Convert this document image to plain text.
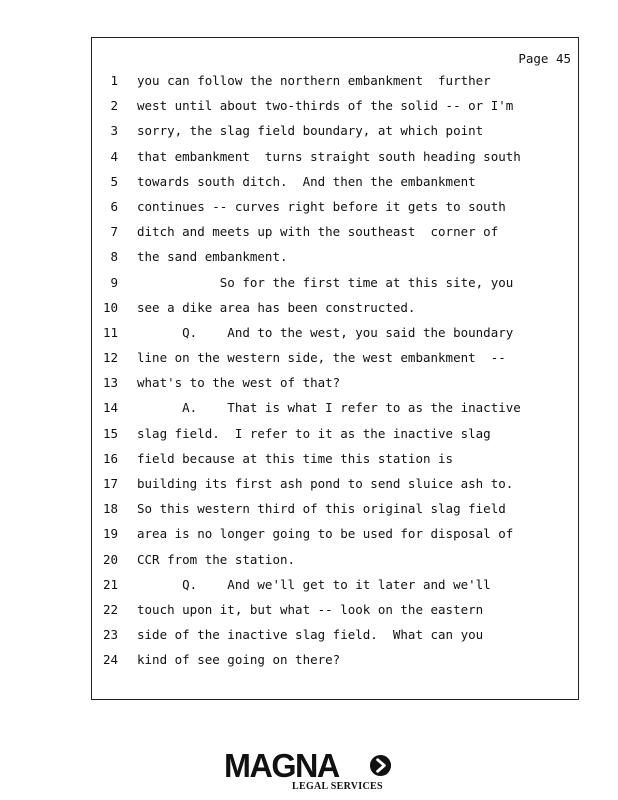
Page 45
1 you can follow the northern embankment  further
2 west until about two-thirds of the solid -- or I'm
3 sorry, the slag field boundary, at which point
4 that embankment  turns straight south heading south
5 towards south ditch.  And then the embankment
6 continues -- curves right before it gets to south
7 ditch and meets up with the southeast  corner of
8 the sand embankment.
9 So for the first time at this site, you
10 see a dike area has been constructed.
11 Q.    And to the west, you said the boundary
12 line on the western side, the west embankment  --
13 what's to the west of that?
14 A.    That is what I refer to as the inactive
15 slag field.  I refer to it as the inactive slag
16 field because at this time this station is
17 building its first ash pond to send sluice ash to.
18 So this western third of this original slag field
19 area is no longer going to be used for disposal of
20 CCR from the station.
21 Q.    And we'll get to it later and we'll
22 touch upon it, but what -- look on the eastern
23 side of the inactive slag field.  What can you
24 kind of see going on there?
MAGNA
LEGAL SERVICES
